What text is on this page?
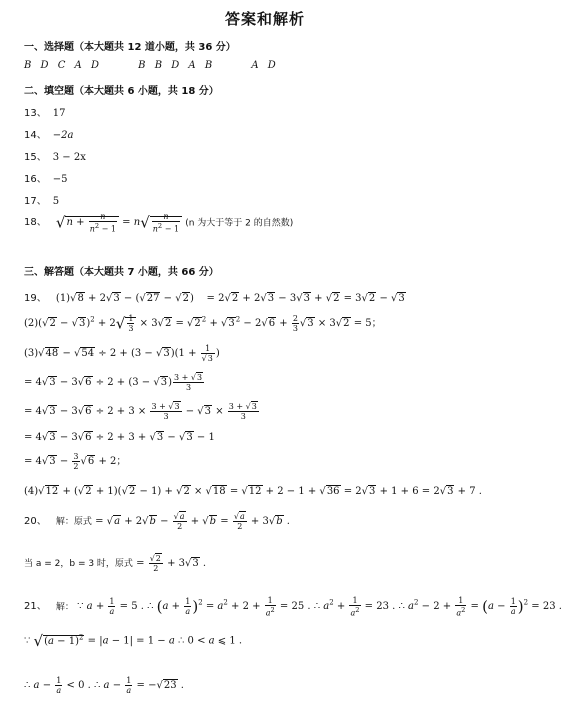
答案和解析
一、选择题（本大题共 12 道小题，共 36 分）
B D C A D	B B D A B	A D
二、填空题（本大题共 6 小题，共 18 分）
13、 17
14、 −2a
15、 3 − 2x
16、 −5
17、 5
18、 $√n + \frac{n}{n^2 - 1} = n√ \frac{n}{n^2 - 1} (n$ 为大于等于 2 的自然数)
三、解答题（本大题共 7 小题，共 66 分）
19、 (1)√8 + 2√3 − (√27 − √2)    = 2√2 + 2√3 − 3√3 + √2 = 3√2 − √3
$(2)(√2 - √3)^2 + 2√ \frac{1}{3} \times 3√2 = √2^2 + √3^2 - 2√6 + \frac{2}{3} √3 \times 3√2 = 5$；
$(3)√48 - √54 \div 2 + (3 - √3)(1 + \frac{1}{√3}$ )
= $4√3 - 3√6 \div 2 + (3 - √3) \frac{3 + √3}{3}$
= $4√3 - 3√6 \div 2 + 3 \times \frac{3 + √3}{3} - √3 \times \frac{3 + √3}{3}$
= 4√3 − 3√6 ÷ 2 + 3 + √3 − √3 − 1
= $4√3 - \frac{3}{2} √6 + 2$；
(4)√12 + (√2 + 1)(√2 − 1) + √2 × √18 = √12 + 2 − 1 + √36 = 2√3 + 1 + 6 = 2√3 + 7 .
20、 解：原式 = $√a + 2√b - \frac{√a}{2} + √b = \frac{√a}{2} + 3√b$ .
当 a = 2，b = 3 时，原式 = $\frac{√2}{2} + 3√3$ .
21、 解： ∵ $a + \frac{1}{a} = 5$ . ∴ $(a + \frac{1}{a} )^2 = a^2 + 2 + \frac{1}{a^2} = 25$ . ∴ $a^2 + \frac{1}{a^2} = 23$ . ∴ $a^2 - 2 + \frac{1}{a^2} = (a - \frac{1}{a} )^2 = 23$ .
∵ $√(a - 1)^2 = |a - 1| = 1 - a$ ∴ 0 < a ⩽ 1 .
∴ $a - \frac{1}{a} < 0$ . ∴ $a - \frac{1}{a} = -√23$ .
